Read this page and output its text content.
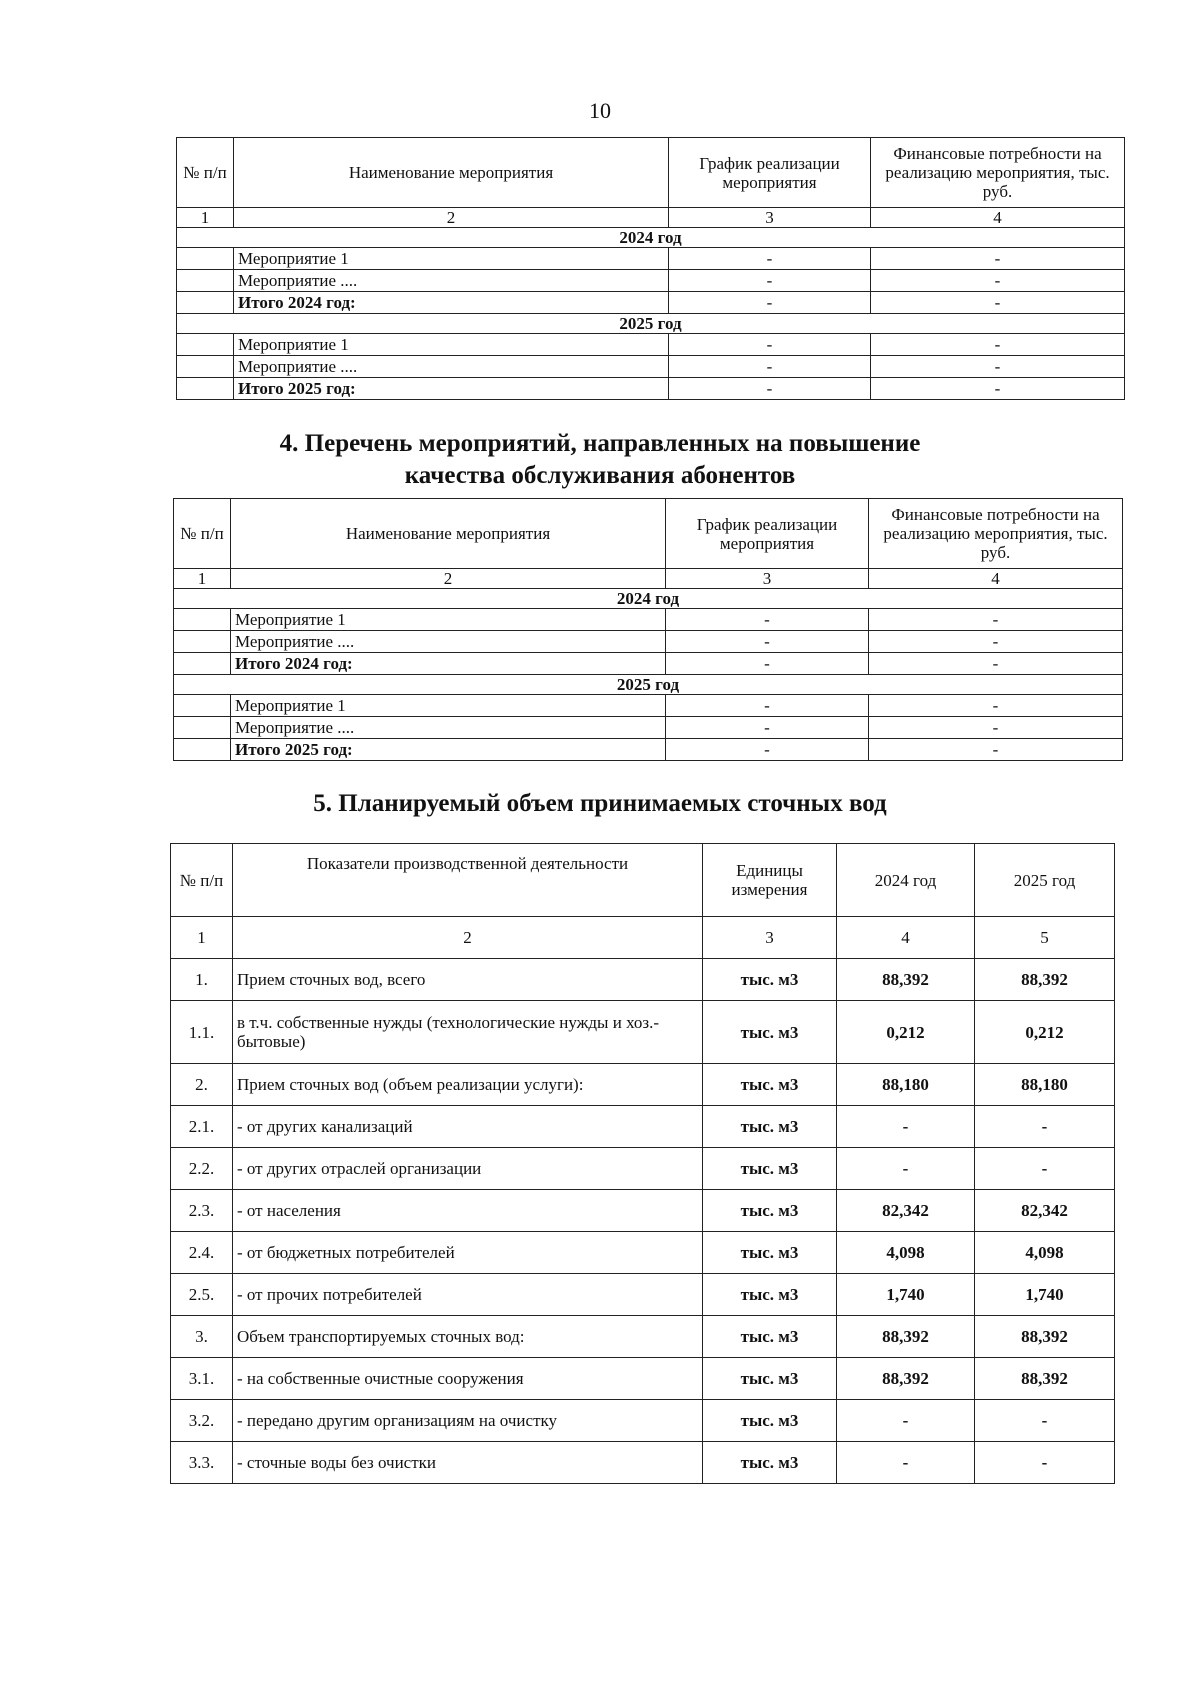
10
№ п/п	Наименование мероприятия	График реализации мероприятия	Финансовые потребности на реализацию мероприятия, тыс. руб.
1	2	3	4
2024 год			
	Мероприятие 1	-	-
	Мероприятие ....	-	-
	Итого 2024 год:	-	-
2025 год			
	Мероприятие 1	-	-
	Мероприятие ....	-	-
	Итого 2025 год:	-	-
4. Перечень мероприятий, направленных на повышение
качества обслуживания абонентов
№ п/п	Наименование мероприятия	График реализации мероприятия	Финансовые потребности на реализацию мероприятия, тыс. руб.
1	2	3	4
2024 год			
	Мероприятие 1	-	-
	Мероприятие ....	-	-
	Итого 2024 год:	-	-
2025 год			
	Мероприятие 1	-	-
	Мероприятие ....	-	-
	Итого 2025 год:	-	-
5. Планируемый объем принимаемых сточных вод
№ п/п	Показатели производственной деятельности	Единицы измерения	2024 год	2025 год
1	2	3	4	5
1.	Прием сточных вод, всего	тыс. м3	88,392	88,392
1.1.	в т.ч. собственные нужды (технологические нужды и хоз.-бытовые)	тыс. м3	0,212	0,212
2.	Прием сточных вод (объем реализации услуги):	тыс. м3	88,180	88,180
2.1.	- от других канализаций	тыс. м3	-	-
2.2.	- от других отраслей организации	тыс. м3	-	-
2.3.	- от населения	тыс. м3	82,342	82,342
2.4.	- от бюджетных потребителей	тыс. м3	4,098	4,098
2.5.	- от прочих потребителей	тыс. м3	1,740	1,740
3.	Объем транспортируемых сточных вод:	тыс. м3	88,392	88,392
3.1.	- на собственные очистные сооружения	тыс. м3	88,392	88,392
3.2.	- передано другим организациям на очистку	тыс. м3	-	-
3.3.	- сточные воды без очистки	тыс. м3	-	-
